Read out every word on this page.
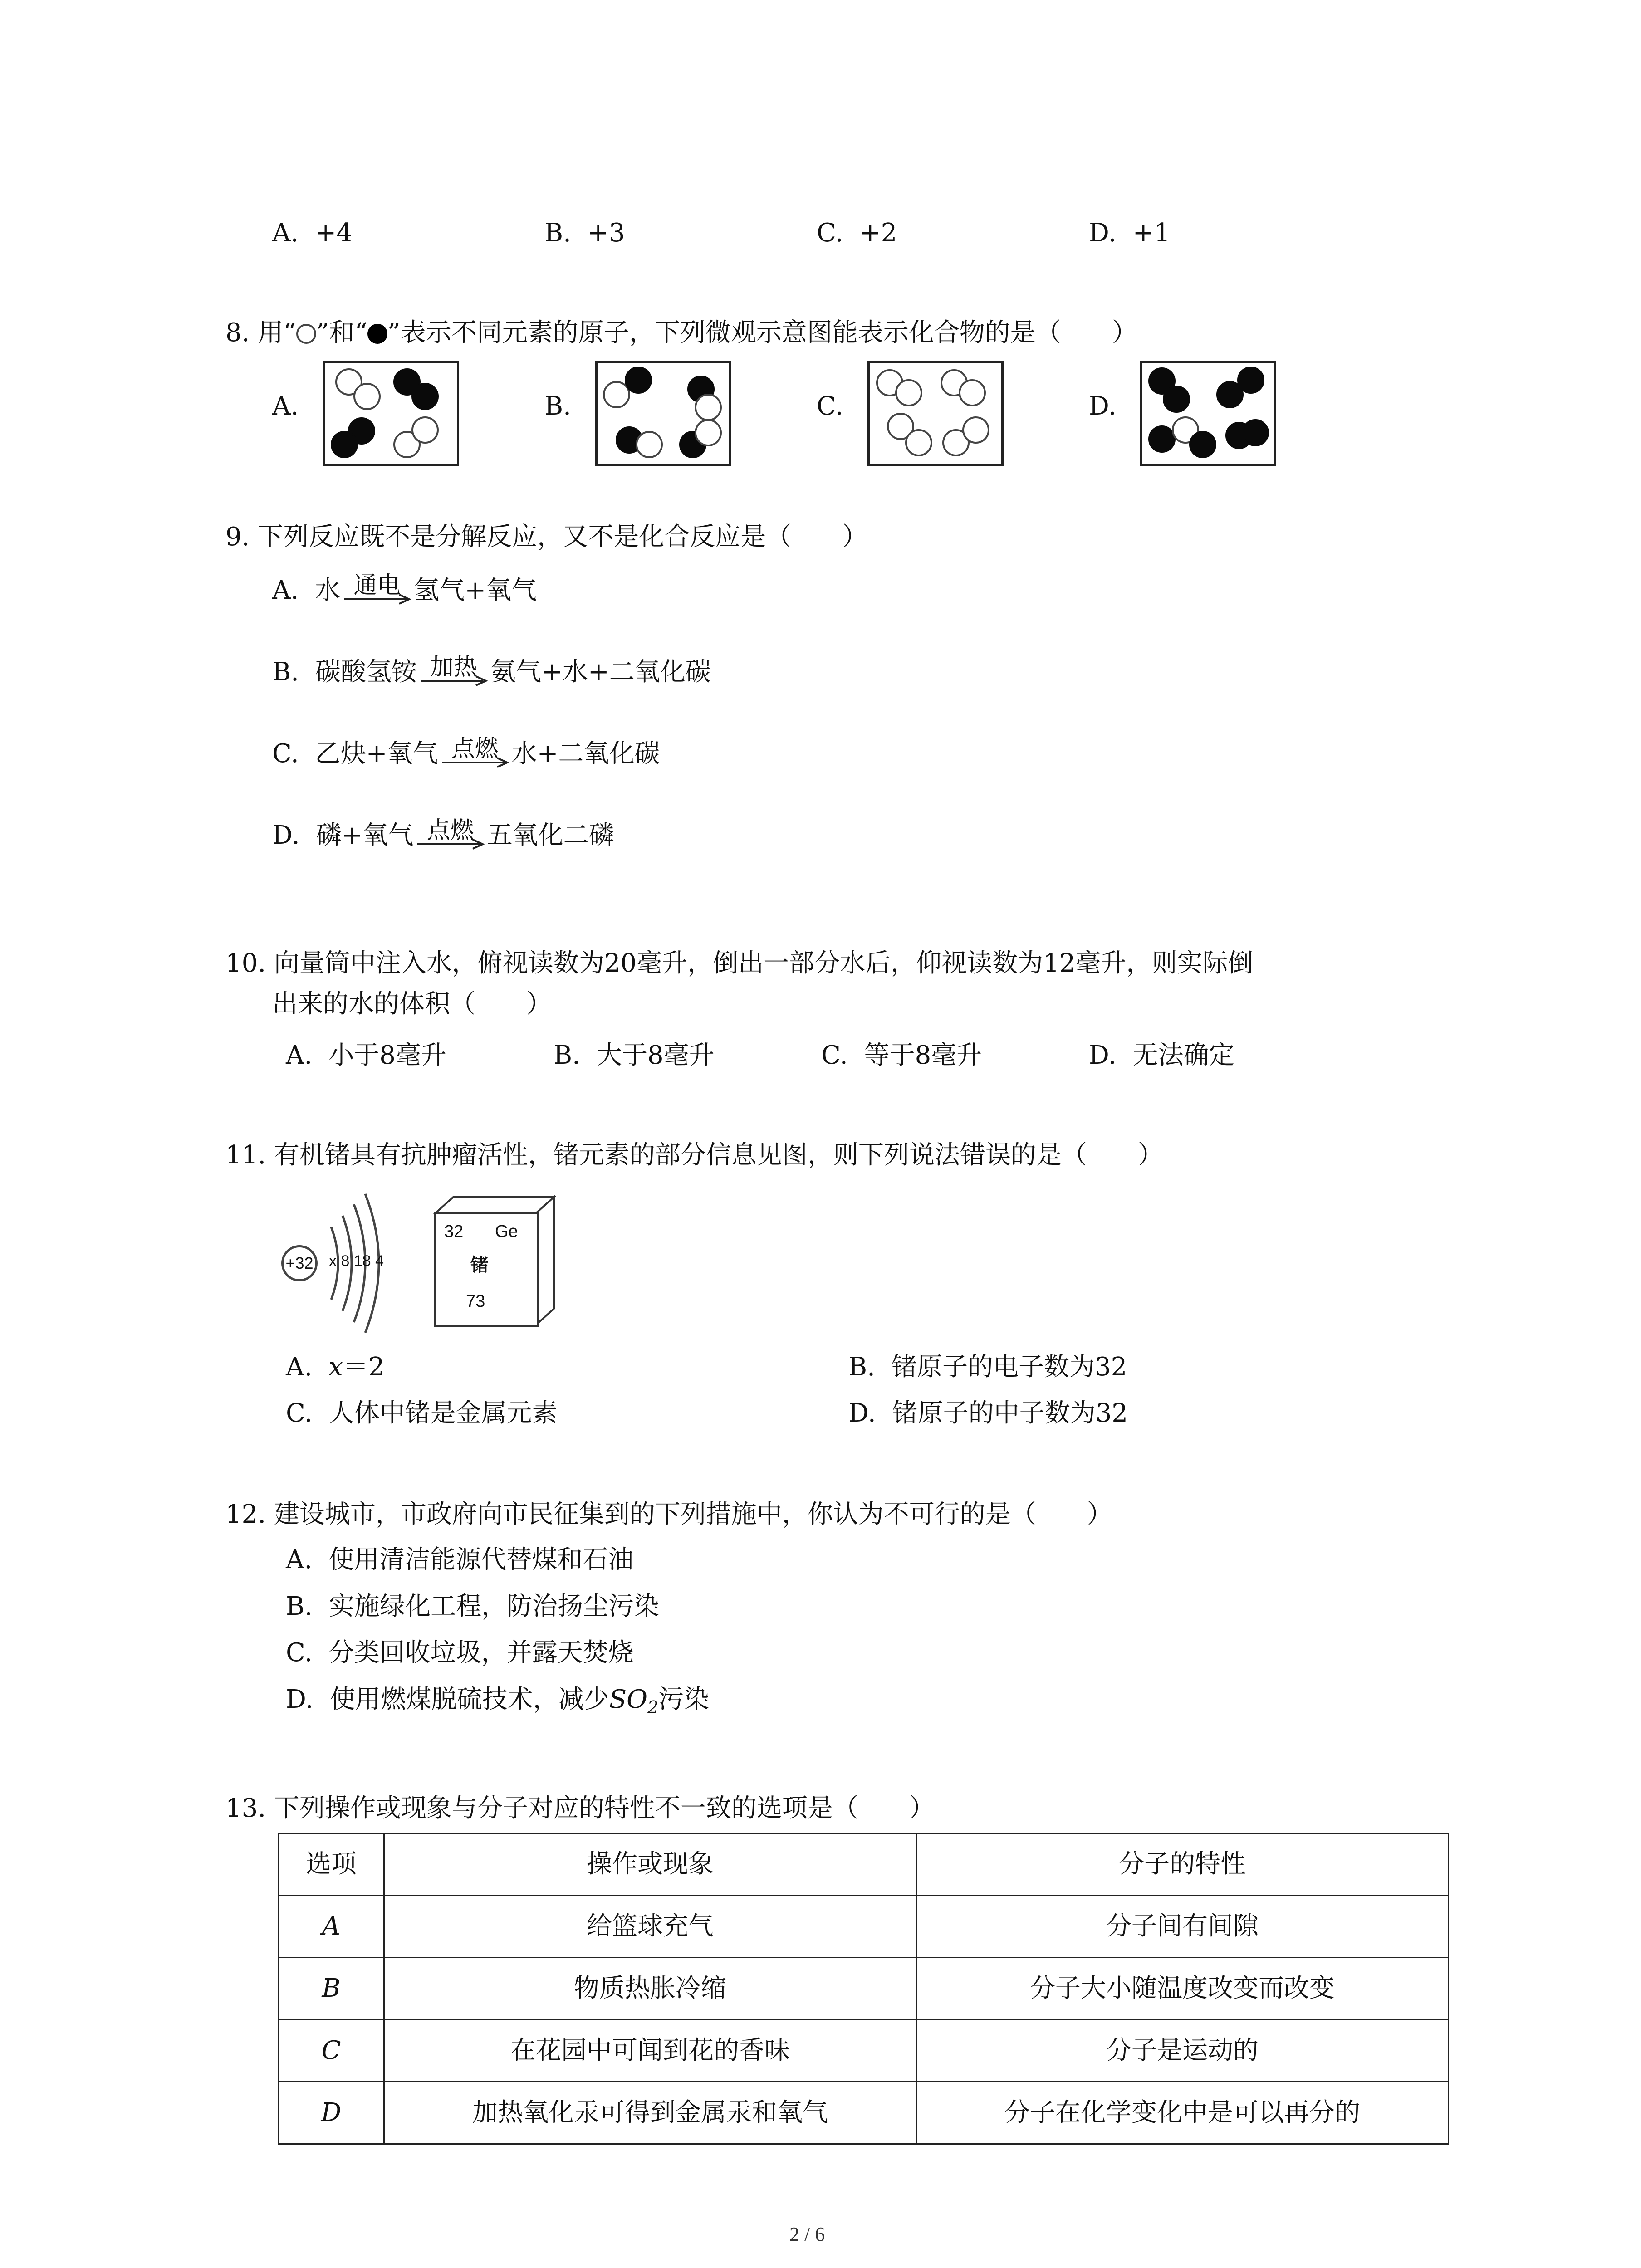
A. +4	B. +3	C. +2	D. +1
8. 用“ ”和“ ”表示不同元素的原子，下列微观示意图能表示化合物的是（　　）
A.	B.	C.	D.
9. 下列反应既不是分解反应，又不是化合反应是（　　）
A. 水 通电 氢气+氧气
B. 碳酸氢铵 加热 氨气+水+二氧化碳
C. 乙炔+氧气 点燃 水+二氧化碳
D. 磷+氧气 点燃 五氧化二磷
10. 向量筒中注入水，俯视读数为20毫升，倒出一部分水后，仰视读数为12毫升，则实际倒
出来的水的体积（　　）
A. 小于8毫升	B. 大于8毫升	C. 等于8毫升	D. 无法确定
11. 有机锗具有抗肿瘤活性，锗元素的部分信息见图，则下列说法错误的是（　　）
+32 x 8 18 4
32 Ge
锗
73
A. x＝2	B. 锗原子的电子数为32
C. 人体中锗是金属元素	D. 锗原子的中子数为32
12. 建设城市，市政府向市民征集到的下列措施中，你认为不可行的是（　　）
A. 使用清洁能源代替煤和石油
B. 实施绿化工程，防治扬尘污染
C. 分类回收垃圾，并露天焚烧
D. 使用燃煤脱硫技术，减少$SO_2$污染
13. 下列操作或现象与分子对应的特性不一致的选项是（　　）
选项	操作或现象	分子的特性
A	给篮球充气	分子间有间隙
B	物质热胀冷缩	分子大小随温度改变而改变
C	在花园中可闻到花的香味	分子是运动的
D	加热氧化汞可得到金属汞和氧气	分子在化学变化中是可以再分的
2 / 6
